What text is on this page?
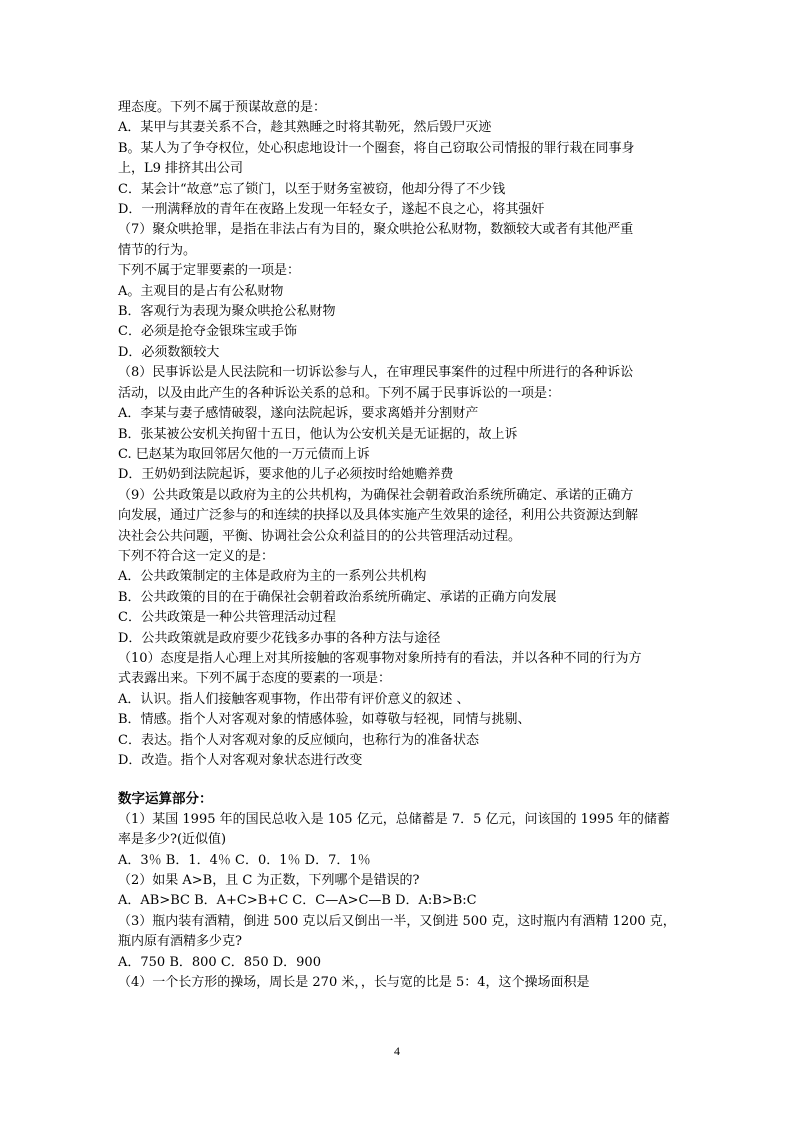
理态度。下列不属于预谋故意的是：
A．某甲与其妻关系不合，趁其熟睡之时将其勒死，然后毁尸灭迹
B。某人为了争夺权位，处心积虑地设计一个圈套，将自己窃取公司情报的罪行栽在同事身
上，L9 排挤其出公司
C．某会计“故意”忘了锁门，以至于财务室被窃，他却分得了不少钱
D．一刑满释放的青年在夜路上发现一年轻女子，遂起不良之心，将其强奸
（7）聚众哄抢罪，是指在非法占有为目的，聚众哄抢公私财物，数额较大或者有其他严重
情节的行为。
下列不属于定罪要素的一项是：
A。主观目的是占有公私财物
B．客观行为表现为聚众哄抢公私财物
C．必须是抢夺金银珠宝或手饰
D．必须数额较大
（8）民事诉讼是人民法院和一切诉讼参与人，在审理民事案件的过程中所进行的各种诉讼
活动，以及由此产生的各种诉讼关系的总和。下列不属于民事诉讼的一项是：
A．李某与妻子感情破裂，遂向法院起诉，要求离婚并分割财产
B．张某被公安机关拘留十五日，他认为公安机关是无证据的，故上诉
C. 巳赵某为取回邻居欠他的一万元债而上诉
D．王奶奶到法院起诉，要求他的儿子必须按时给她赡养费
（9）公共政策是以政府为主的公共机构，为确保社会朝着政治系统所确定、承诺的正确方
向发展，通过广泛参与的和连续的抉择以及具体实施产生效果的途径，利用公共资源达到解
决社会公共问题，平衡、协调社会公众利益目的的公共管理活动过程。
下列不符合这一定义的是：
A．公共政策制定的主体是政府为主的一系列公共机构
B．公共政策的目的在于确保社会朝着政治系统所确定、承诺的正确方向发展
C．公共政策是一种公共管理活动过程
D．公共政策就是政府要少花钱多办事的各种方法与途径
（10）态度是指人心理上对其所接触的客观事物对象所持有的看法，并以各种不同的行为方
式表露出来。下列不属于态度的要素的一项是：
A．认识。指人们接触客观事物，作出带有评价意义的叙述 、
B．情感。指个人对客观对象的情感体验，如尊敬与轻视，同情与挑剔、
C．表达。指个人对客观对象的反应倾向，也称行为的准备状态
D．改造。指个人对客观对象状态进行改变
数字运算部分：
（1）某国 1995 年的国民总收入是 105 亿元，总储蓄是 7．5 亿元，问该国的 1995 年的储蓄
率是多少?(近似值)
A．3％ B．1．4％ C．0．1％ D．7．1％
（2）如果 A>B，且 C 为正数，下列哪个是错误的?
A．AB>BC B．A+C>B+C C．C—A>C—B D．A:B>B:C
（3）瓶内装有酒精，倒进 500 克以后又倒出一半，又倒进 500 克，这时瓶内有酒精 1200 克，
瓶内原有酒精多少克?
A．750 B．800 C．850 D．900
（4）一个长方形的操场，周长是 270 米，，长与宽的比是 5：4，这个操场面积是
4
